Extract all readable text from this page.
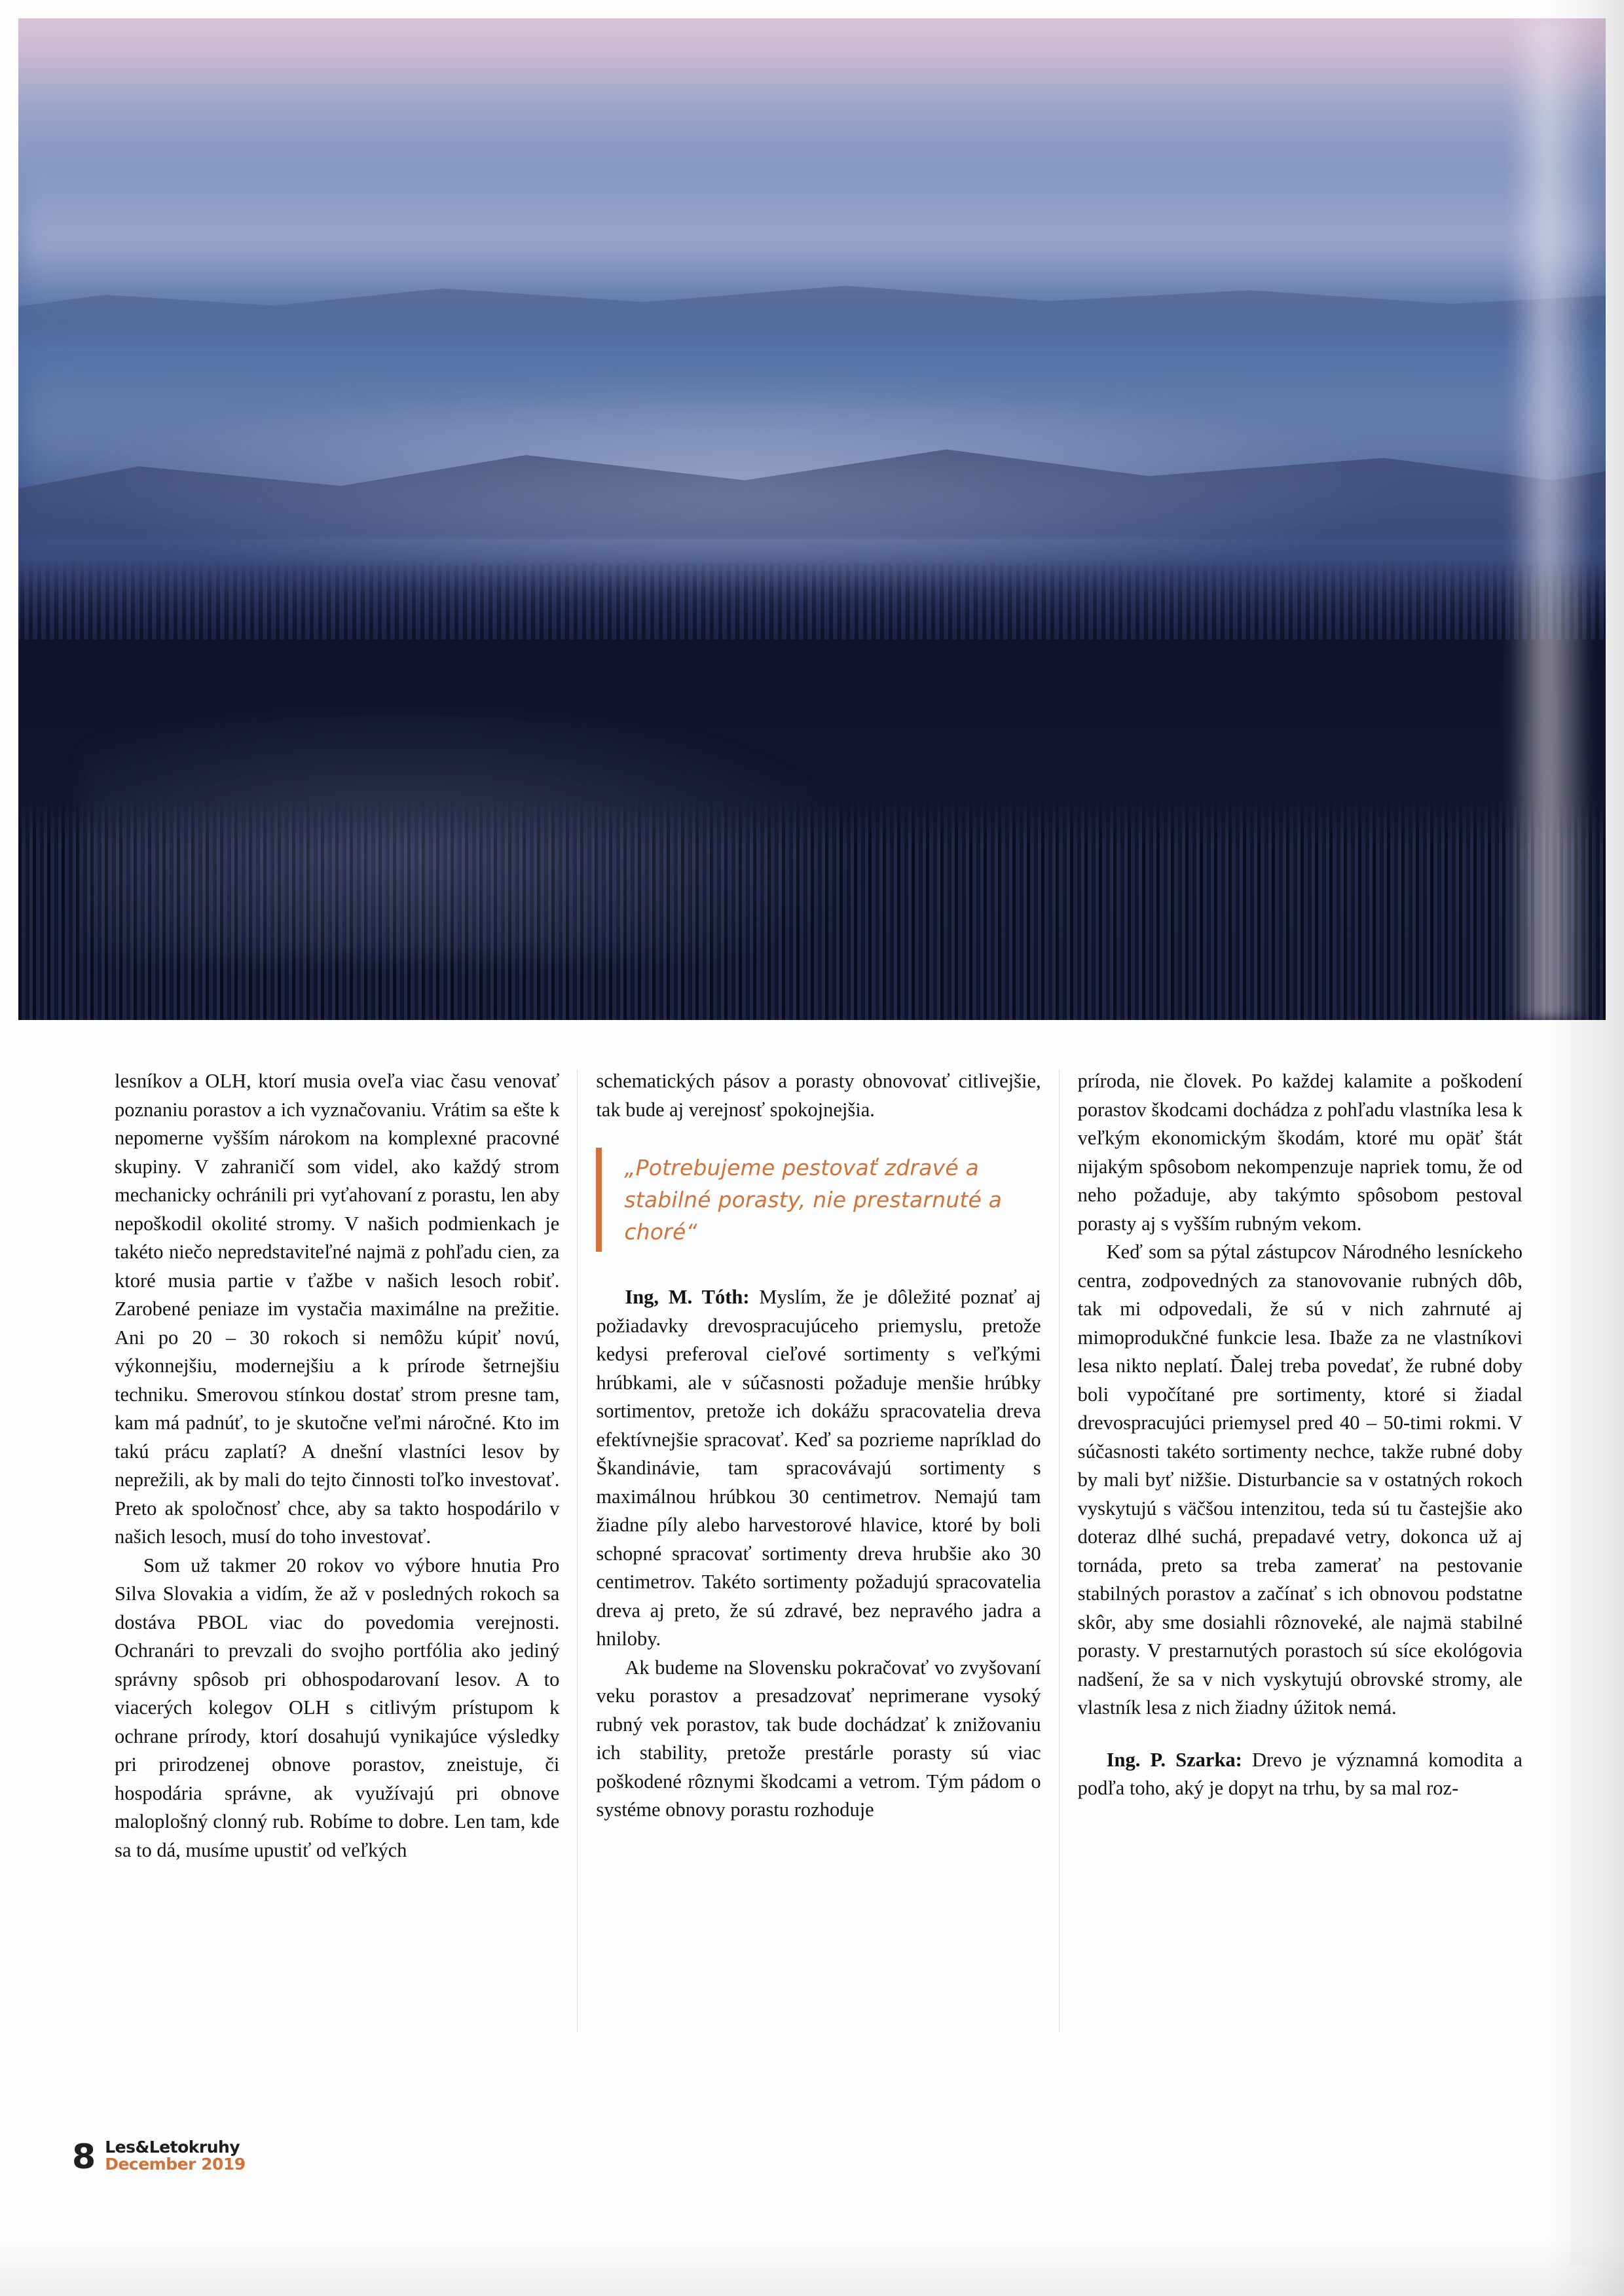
lesníkov a OLH, ktorí musia oveľa viac času venovať poznaniu porastov a ich vyznačovaniu. Vrátim sa ešte k nepomerne vyšším nárokom na komplexné pracovné skupiny. V zahraničí som videl, ako každý strom mechanicky ochránili pri vyťahovaní z porastu, len aby nepoškodil okolité stromy. V našich podmienkach je takéto niečo nepredstaviteľné najmä z pohľadu cien, za ktoré musia partie v ťažbe v našich lesoch robiť. Zarobené peniaze im vystačia maximálne na prežitie. Ani po 20 – 30 rokoch si nemôžu kúpiť novú, výkonnejšiu, modernejšiu a k prírode šetrnejšiu techniku. Smerovou stínkou dostať strom presne tam, kam má padnúť, to je skutočne veľmi náročné. Kto im takú prácu zaplatí? A dnešní vlastníci lesov by neprežili, ak by mali do tejto činnosti toľko investovať. Preto ak spoločnosť chce, aby sa takto hospodárilo v našich lesoch, musí do toho investovať.

Som už takmer 20 rokov vo výbore hnutia Pro Silva Slovakia a vidím, že až v posledných rokoch sa dostáva PBOL viac do povedomia verejnosti. Ochranári to prevzali do svojho portfólia ako jediný správny spôsob pri obhospodarovaní lesov. A to viacerých kolegov OLH s citlivým prístupom k ochrane prírody, ktorí dosahujú vynikajúce výsledky pri prirodzenej obnove porastov, zneistuje, či hospodária správne, ak využívajú pri obnove maloplošný clonný rub. Robíme to dobre. Len tam, kde sa to dá, musíme upustiť od veľkých

schematických pásov a porasty obnovovať citlivejšie, tak bude aj verejnosť spokojnejšia.

„Potrebujeme pestovať zdravé a stabilné porasty, nie prestarnuté a choré“

Ing, M. Tóth: Myslím, že je dôležité poznať aj požiadavky drevospracujúceho priemyslu, pretože kedysi preferoval cieľové sortimenty s veľkými hrúbkami, ale v súčasnosti požaduje menšie hrúbky sortimentov, pretože ich dokážu spracovatelia dreva efektívnejšie spracovať. Keď sa pozrieme napríklad do Škandinávie, tam spracovávajú sortimenty s maximálnou hrúbkou 30 centimetrov. Nemajú tam žiadne píly alebo harvestorové hlavice, ktoré by boli schopné spracovať sortimenty dreva hrubšie ako 30 centimetrov. Takéto sortimenty požadujú spracovatelia dreva aj preto, že sú zdravé, bez nepravého jadra a hniloby.

Ak budeme na Slovensku pokračovať vo zvyšovaní veku porastov a presadzovať neprimerane vysoký rubný vek porastov, tak bude dochádzať k znižovaniu ich stability, pretože prestárle porasty sú viac poškodené rôznymi škodcami a vetrom. Tým pádom o systéme obnovy porastu rozhoduje

príroda, nie človek. Po každej kalamite a poškodení porastov škodcami dochádza z pohľadu vlastníka lesa k veľkým ekonomickým škodám, ktoré mu opäť štát nijakým spôsobom nekompenzuje napriek tomu, že od neho požaduje, aby takýmto spôsobom pestoval porasty aj s vyšším rubným vekom.

Keď som sa pýtal zástupcov Národného lesníckeho centra, zodpovedných za stanovovanie rubných dôb, tak mi odpovedali, že sú v nich zahrnuté aj mimoprodukčné funkcie lesa. Ibaže za ne vlastníkovi lesa nikto neplatí. Ďalej treba povedať, že rubné doby boli vypočítané pre sortimenty, ktoré si žiadal drevospracujúci priemysel pred 40 – 50-timi rokmi. V súčasnosti takéto sortimenty nechce, takže rubné doby by mali byť nižšie. Disturbancie sa v ostatných rokoch vyskytujú s väčšou intenzitou, teda sú tu častejšie ako doteraz dlhé suchá, prepadavé vetry, dokonca už aj tornáda, preto sa treba zamerať na pestovanie stabilných porastov a začínať s ich obnovou podstatne skôr, aby sme dosiahli rôznoveké, ale najmä stabilné porasty. V prestarnutých porastoch sú síce ekológovia nadšení, že sa v nich vyskytujú obrovské stromy, ale vlastník lesa z nich žiadny úžitok nemá.

Ing. P. Szarka: Drevo je významná komodita a podľa toho, aký je dopyt na trhu, by sa mal roz-

8 Les&Letokruhy
December 2019
